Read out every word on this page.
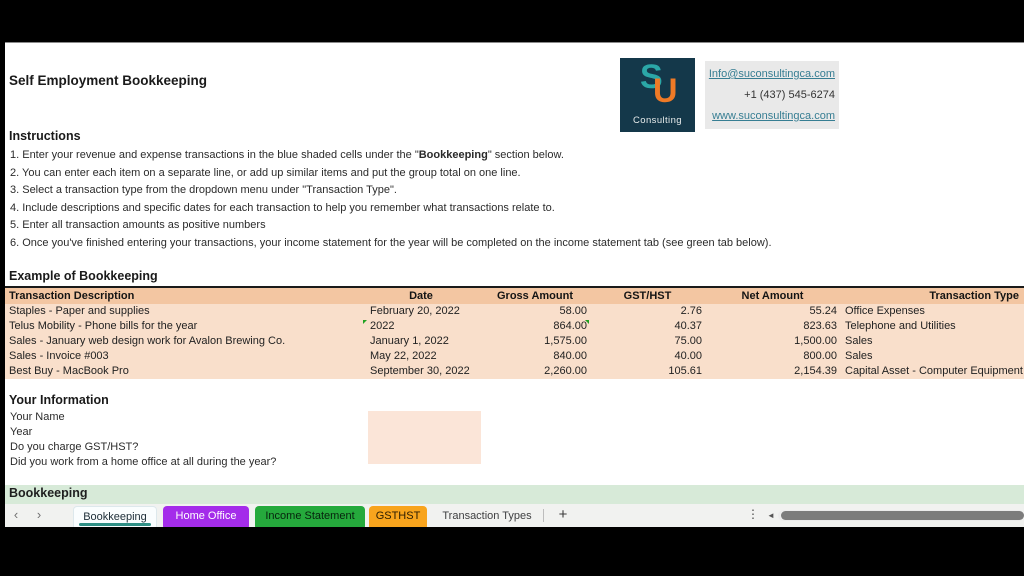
Self Employment Bookkeeping	S
U
Consulting
Info@suconsultingca.com
+1 (437) 545-6274
www.suconsultingca.com
Instructions
1. Enter your revenue and expense transactions in the blue shaded cells under the "Bookkeeping" section below.
2. You can enter each item on a separate line, or add up similar items and put the group total on one line.
3. Select a transaction type from the dropdown menu under "Transaction Type".
4. Include descriptions and specific dates for each transaction to help you remember what transactions relate to.
5. Enter all transaction amounts as positive numbers
6. Once you've finished entering your transactions, your income statement for the year will be completed on the income statement tab (see green tab below).
Example of Bookkeeping
Transaction Description	Date	Gross Amount	GST/HST	Net Amount	Transaction Type
Staples - Paper and supplies	February 20, 2022	58.00	2.76	55.24 Office Expenses
Telus Mobility - Phone bills for the year	2022	864.00	40.37	823.63 Telephone and Utilities
Sales - January web design work for Avalon Brewing Co.	January 1, 2022	1,575.00	75.00	1,500.00 Sales
Sales - Invoice #003	May 22, 2022	840.00	40.00	800.00 Sales
Best Buy - MacBook Pro	September 30, 2022	2,260.00	105.61	2,154.39 Capital Asset - Computer Equipment
Your Information
Your Name
Year
Do you charge GST/HST?
Did you work from a home office at all during the year?
Bookkeeping
‹	›	Bookkeeping	Home Office	Income Statement	GSTHST	Transaction Types	+	⋮ ◄
